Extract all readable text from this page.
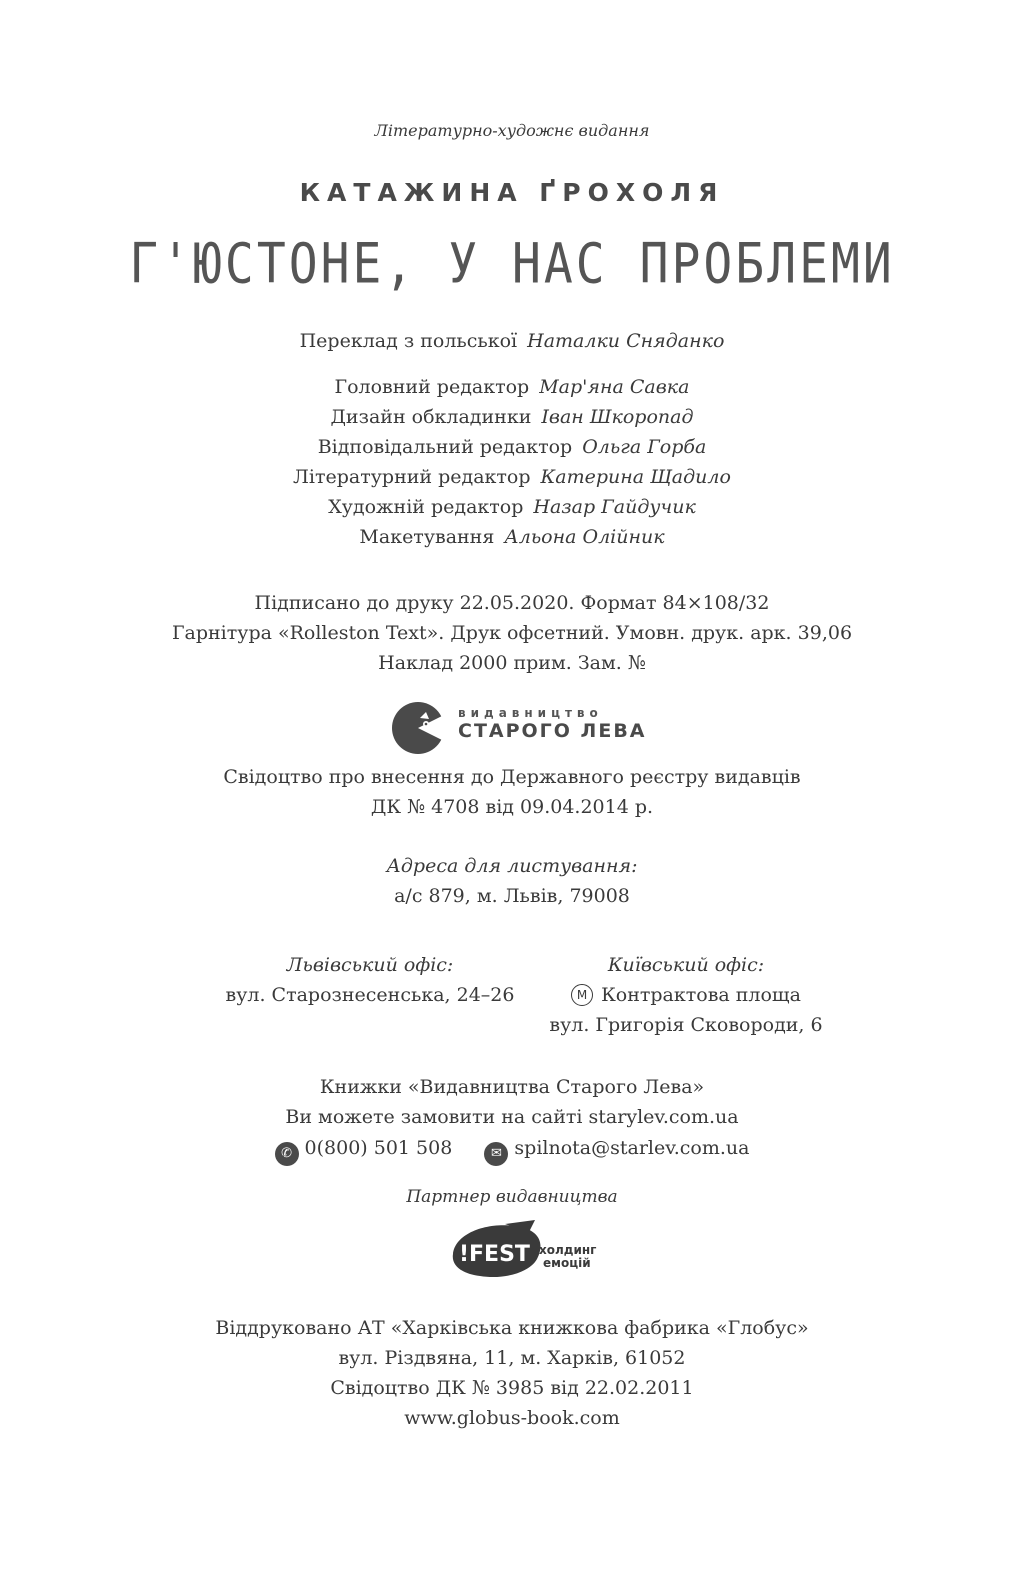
Літературно-художнє видання
КАТАЖИНА ҐРОХОЛЯ
Г'ЮСТОНЕ, У НАС ПРОБЛЕМИ
Переклад з польської Наталки Сняданко
Головний редактор Мар'яна Савка
Дизайн обкладинки Іван Шкоропад
Відповідальний редактор Ольга Горба
Літературний редактор Катерина Щадило
Художній редактор Назар Гайдучик
Макетування Альона Олійник
Підписано до друку 22.05.2020. Формат 84×108/32
Гарнітура «Rolleston Text». Друк офсетний. Умовн. друк. арк. 39,06
Наклад 2000 прим. Зам. №
видавництво
СТАРОГО ЛЕВА
Свідоцтво про внесення до Державного реєстру видавців
ДК № 4708 від 09.04.2014 р.
Адреса для листування:
а/с 879, м. Львів, 79008
Львівський офіс:
вул. Старознесенська, 24–26
Київський офіс:
М Контрактова площа
вул. Григорія Сковороди, 6
Книжки «Видавництва Старого Лева»
Ви можете замовити на сайті starylev.com.ua
✆ 0(800) 501 508	✉ spilnota@starlev.com.ua
Партнер видавництва
!FEST холдинг
емоцій
Віддруковано АТ «Харківська книжкова фабрика «Глобус»
вул. Різдвяна, 11, м. Харків, 61052
Свідоцтво ДК № 3985 від 22.02.2011
www.globus-book.com
